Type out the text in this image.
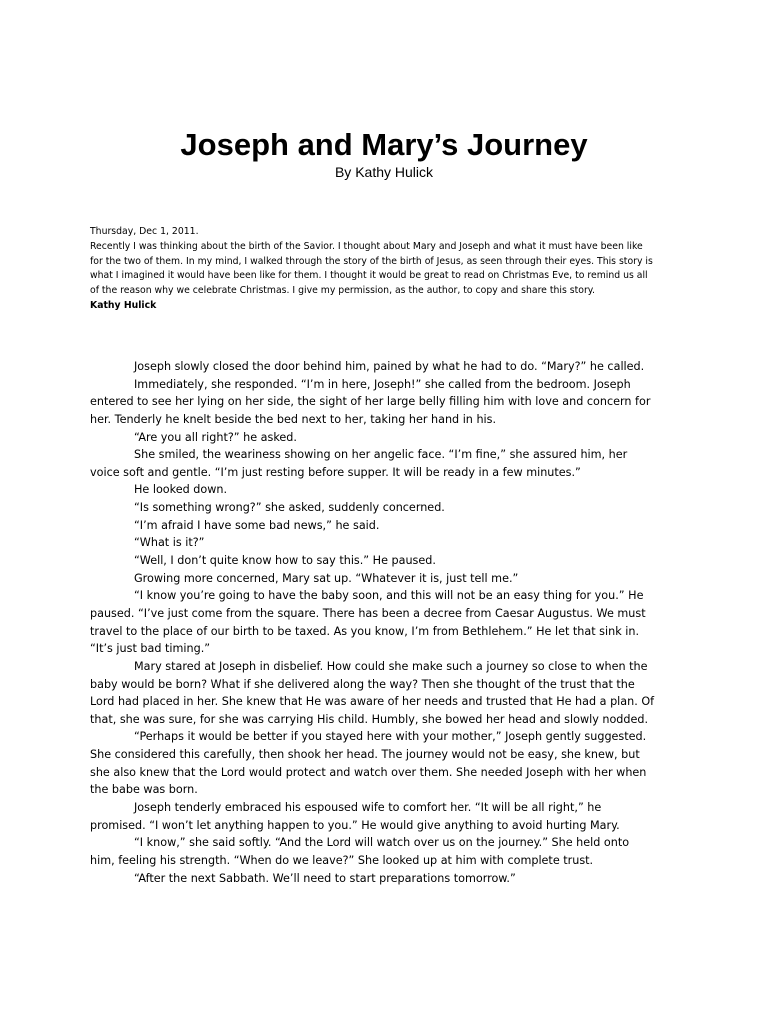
Joseph and Mary’s Journey
By Kathy Hulick
Thursday, Dec 1, 2011.
Recently I was thinking about the birth of the Savior. I thought about Mary and Joseph and what it must have been like
for the two of them. In my mind, I walked through the story of the birth of Jesus, as seen through their eyes. This story is
what I imagined it would have been like for them. I thought it would be great to read on Christmas Eve, to remind us all
of the reason why we celebrate Christmas. I give my permission, as the author, to copy and share this story.
Kathy Hulick
Joseph slowly closed the door behind him, pained by what he had to do. “Mary?” he called.
Immediately, she responded. “I’m in here, Joseph!” she called from the bedroom. Joseph
entered to see her lying on her side, the sight of her large belly filling him with love and concern for
her. Tenderly he knelt beside the bed next to her, taking her hand in his.
“Are you all right?” he asked.
She smiled, the weariness showing on her angelic face. “I’m fine,” she assured him, her
voice soft and gentle. “I’m just resting before supper. It will be ready in a few minutes.”
He looked down.
“Is something wrong?” she asked, suddenly concerned.
“I’m afraid I have some bad news,” he said.
“What is it?”
“Well, I don’t quite know how to say this.” He paused.
Growing more concerned, Mary sat up. “Whatever it is, just tell me.”
“I know you’re going to have the baby soon, and this will not be an easy thing for you.” He
paused. “I’ve just come from the square. There has been a decree from Caesar Augustus. We must
travel to the place of our birth to be taxed. As you know, I’m from Bethlehem.” He let that sink in.
“It’s just bad timing.”
Mary stared at Joseph in disbelief. How could she make such a journey so close to when the
baby would be born? What if she delivered along the way? Then she thought of the trust that the
Lord had placed in her. She knew that He was aware of her needs and trusted that He had a plan. Of
that, she was sure, for she was carrying His child. Humbly, she bowed her head and slowly nodded.
“Perhaps it would be better if you stayed here with your mother,” Joseph gently suggested.
She considered this carefully, then shook her head. The journey would not be easy, she knew, but
she also knew that the Lord would protect and watch over them. She needed Joseph with her when
the babe was born.
Joseph tenderly embraced his espoused wife to comfort her. “It will be all right,” he
promised. “I won’t let anything happen to you.” He would give anything to avoid hurting Mary.
“I know,” she said softly. “And the Lord will watch over us on the journey.” She held onto
him, feeling his strength. “When do we leave?” She looked up at him with complete trust.
“After the next Sabbath. We’ll need to start preparations tomorrow.”
